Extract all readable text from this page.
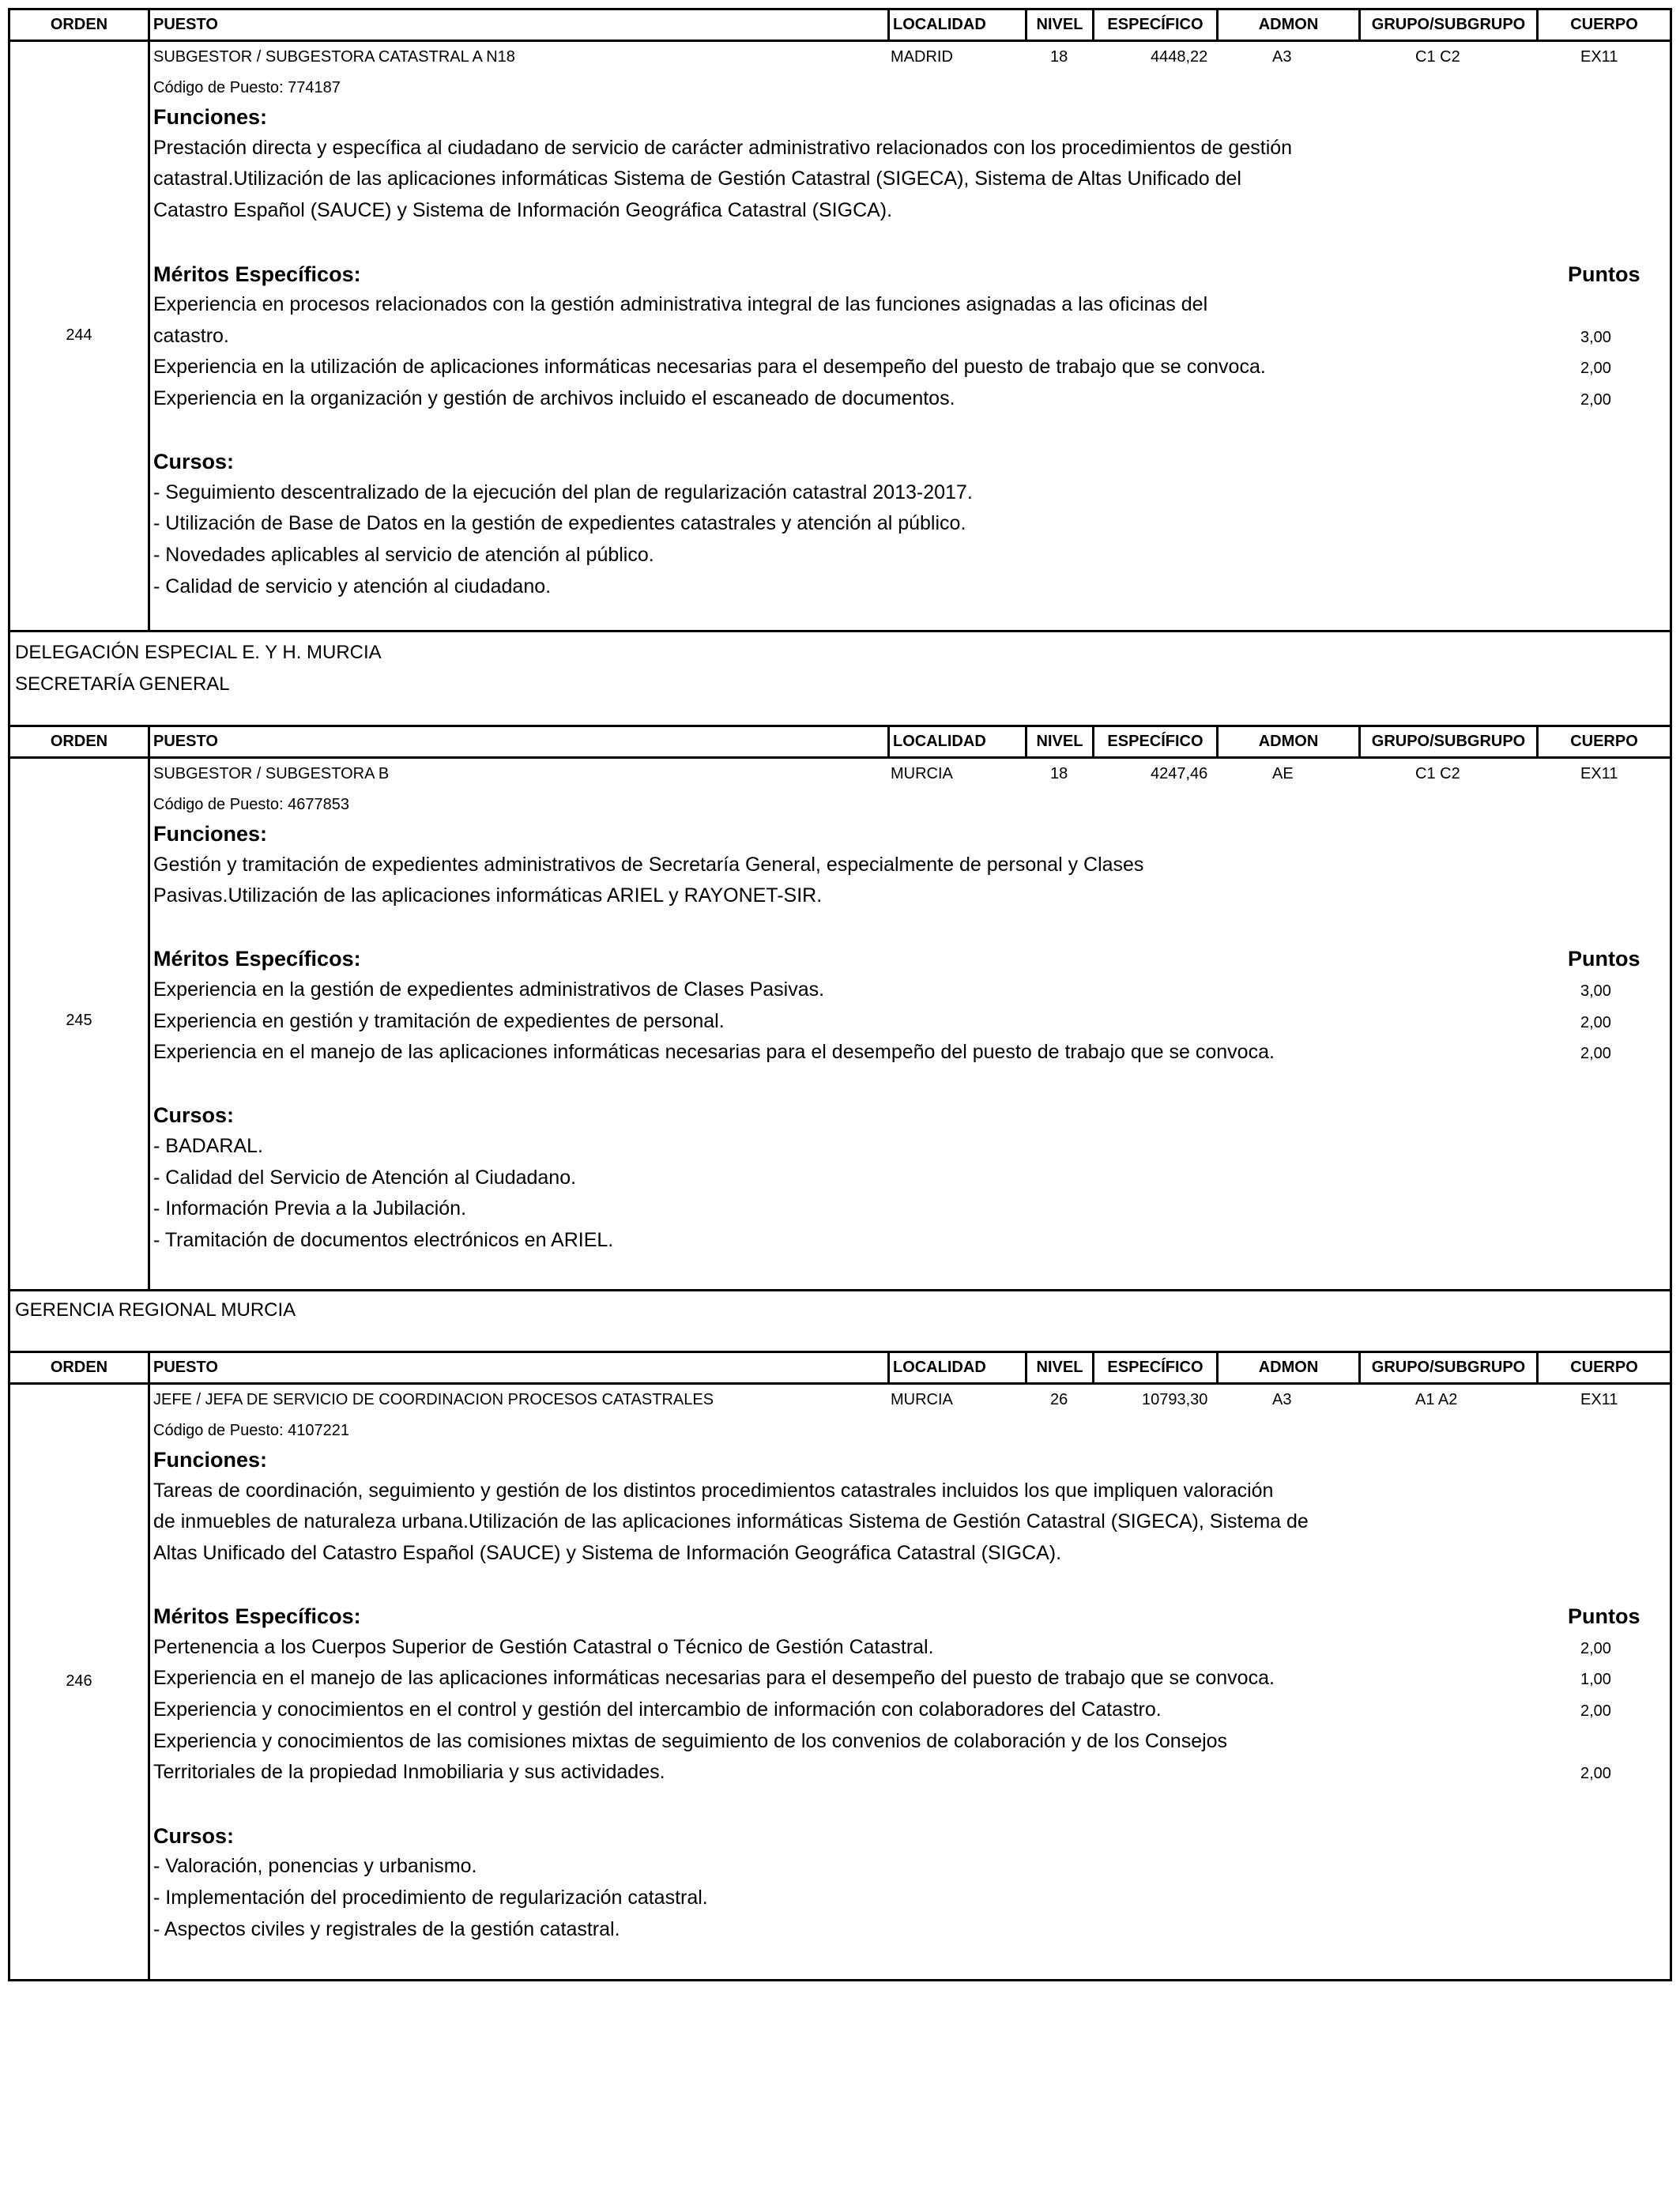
ORDEN	PUESTO	LOCALIDAD	NIVEL	ESPECÍFICO	ADMON	GRUPO/SUBGRUPO	CUERPO
244
SUBGESTOR / SUBGESTORA CATASTRAL A N18	MADRID	18	4448,22	A3	C1 C2	EX11
Código de Puesto: 774187
Funciones:
Prestación directa y específica al ciudadano de servicio de carácter administrativo relacionados con los procedimientos de gestión
catastral.Utilización de las aplicaciones informáticas Sistema de Gestión Catastral (SIGECA), Sistema de Altas Unificado del
Catastro Español (SAUCE) y Sistema de Información Geográfica Catastral (SIGCA).
Méritos Específicos:	Puntos
Experiencia en procesos relacionados con la gestión administrativa integral de las funciones asignadas a las oficinas del
catastro.	3,00
Experiencia en la utilización de aplicaciones informáticas necesarias para el desempeño del puesto de trabajo que se convoca.	2,00
Experiencia en la organización y gestión de archivos incluido el escaneado de documentos.	2,00
Cursos:
- Seguimiento descentralizado de la ejecución del plan de regularización catastral 2013-2017.
- Utilización de Base de Datos en la gestión de expedientes catastrales y atención al público.
- Novedades aplicables al servicio de atención al público.
- Calidad de servicio y atención al ciudadano.
DELEGACIÓN ESPECIAL E. Y H. MURCIA
SECRETARÍA GENERAL
ORDEN	PUESTO	LOCALIDAD	NIVEL	ESPECÍFICO	ADMON	GRUPO/SUBGRUPO	CUERPO
245
SUBGESTOR / SUBGESTORA B	MURCIA	18	4247,46	AE	C1 C2	EX11
Código de Puesto: 4677853
Funciones:
Gestión y tramitación de expedientes administrativos de Secretaría General, especialmente de personal y Clases
Pasivas.Utilización de las aplicaciones informáticas ARIEL y RAYONET-SIR.
Méritos Específicos:	Puntos
Experiencia en la gestión de expedientes administrativos de Clases Pasivas.	3,00
Experiencia en gestión y tramitación de expedientes de personal.	2,00
Experiencia en el manejo de las aplicaciones informáticas necesarias para el desempeño del puesto de trabajo que se convoca.	2,00
Cursos:
- BADARAL.
- Calidad del Servicio de Atención al Ciudadano.
- Información Previa a la Jubilación.
- Tramitación de documentos electrónicos en ARIEL.
GERENCIA REGIONAL MURCIA
ORDEN	PUESTO	LOCALIDAD	NIVEL	ESPECÍFICO	ADMON	GRUPO/SUBGRUPO	CUERPO
246
JEFE / JEFA DE SERVICIO DE COORDINACION PROCESOS CATASTRALES	MURCIA	26	10793,30	A3	A1 A2	EX11
Código de Puesto: 4107221
Funciones:
Tareas de coordinación, seguimiento y gestión de los distintos procedimientos catastrales incluidos los que impliquen valoración
de inmuebles de naturaleza urbana.Utilización de las aplicaciones informáticas Sistema de Gestión Catastral (SIGECA), Sistema de
Altas Unificado del Catastro Español (SAUCE) y Sistema de Información Geográfica Catastral (SIGCA).
Méritos Específicos:	Puntos
Pertenencia a los Cuerpos Superior de Gestión Catastral o Técnico de Gestión Catastral.	2,00
Experiencia en el manejo de las aplicaciones informáticas necesarias para el desempeño del puesto de trabajo que se convoca.	1,00
Experiencia y conocimientos en el control y gestión del intercambio de información con colaboradores del Catastro.	2,00
Experiencia y conocimientos de las comisiones mixtas de seguimiento de los convenios de colaboración y de los Consejos
Territoriales de la propiedad Inmobiliaria y sus actividades.	2,00
Cursos:
- Valoración, ponencias y urbanismo.
- Implementación del procedimiento de regularización catastral.
- Aspectos civiles y registrales de la gestión catastral.
